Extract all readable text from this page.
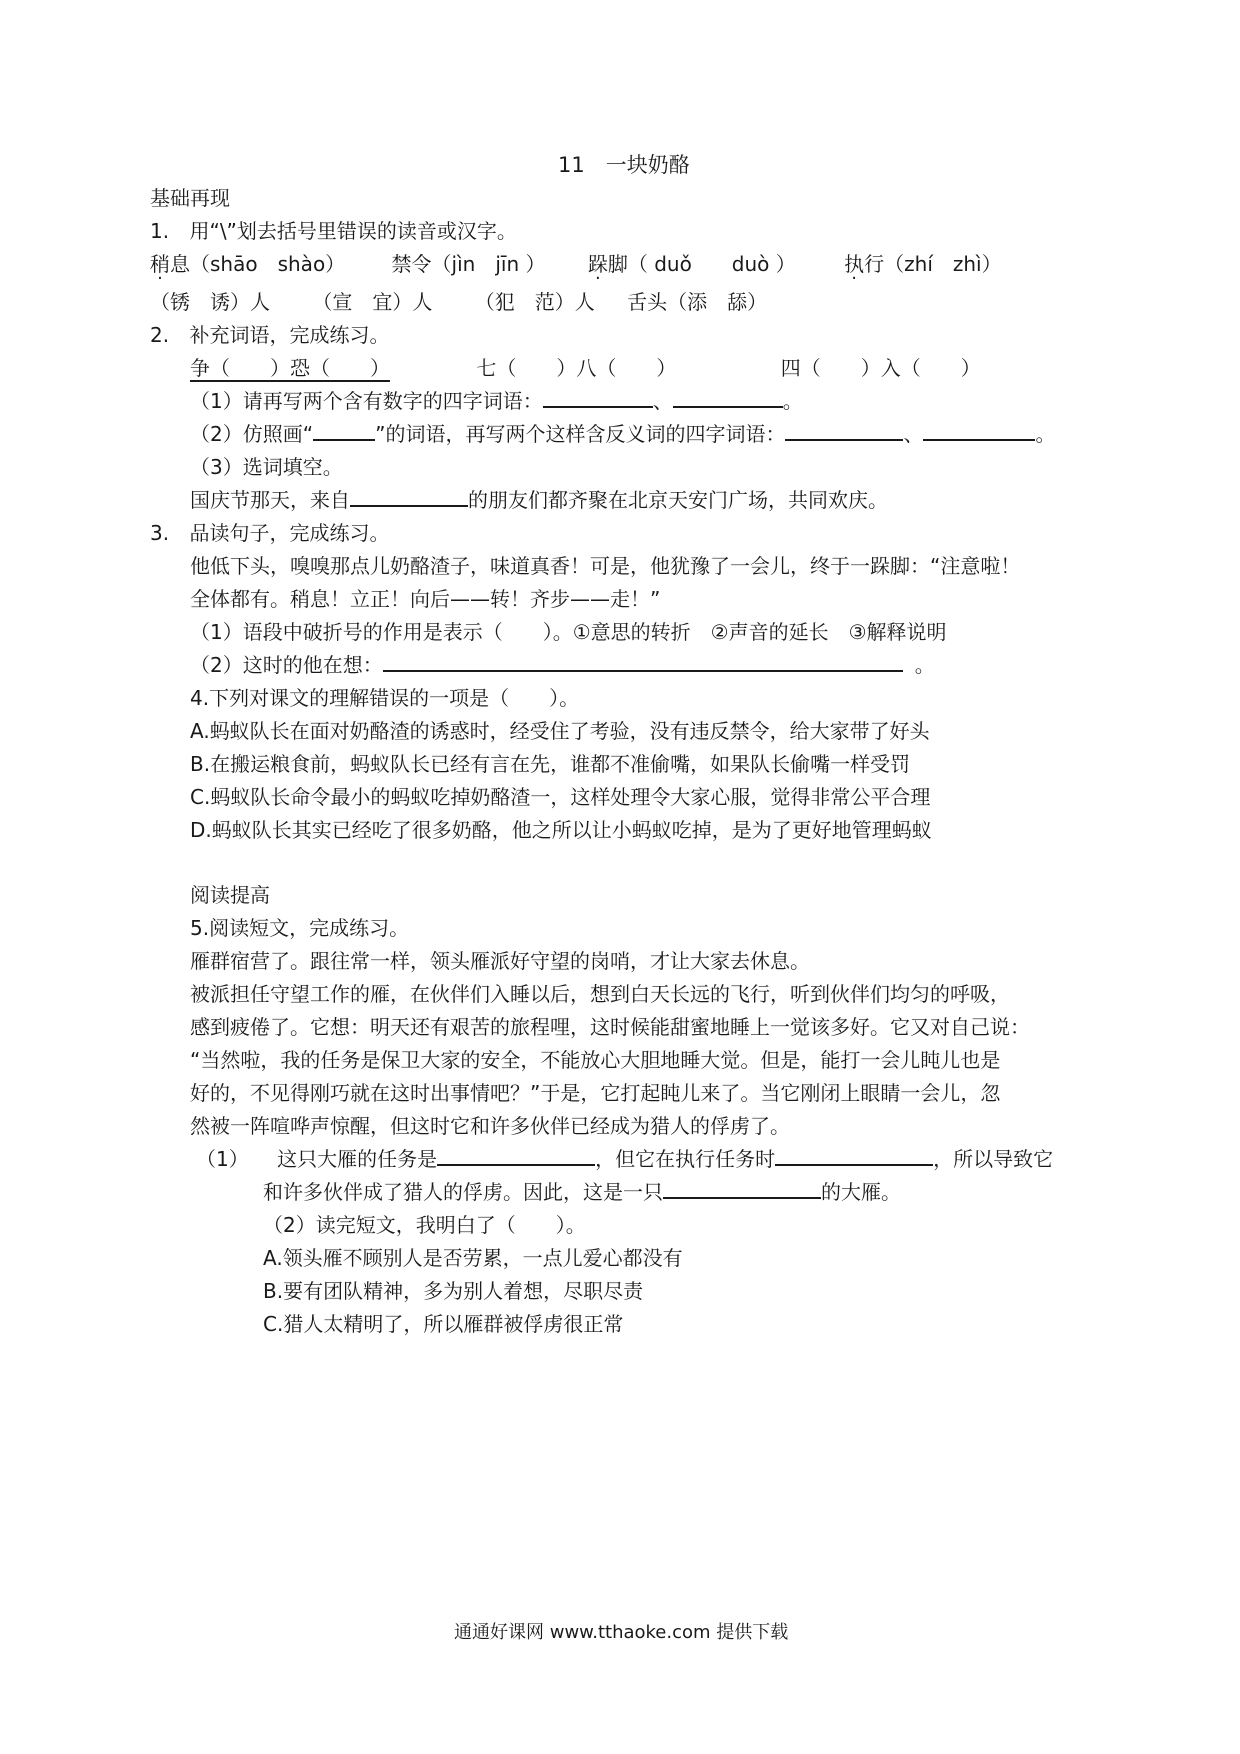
11　一块奶酪
基础再现
1. 用“\”划去括号里错误的读音或汉字。
稍息（shāo　shào） 禁令（jìn　jīn ） 跺脚（ duǒ　　duò ） 执行（zhí　zhì）
（锈　诱）人 （宣　宜）人 （犯　范）人 舌头（添　舔）
2. 补充词语，完成练习。
争（　　）恐（　　）	七（　　）八（　　）	四（　　）入（　　）
（1）请再写两个含有数字的四字词语：	、	。
（2）仿照画“	”的词语，再写两个这样含反义词的四字词语：	、	。
（3）选词填空。
国庆节那天，来自	的朋友们都齐聚在北京天安门广场，共同欢庆。
3. 品读句子，完成练习。
他低下头，嗅嗅那点儿奶酪渣子，味道真香！可是，他犹豫了一会儿，终于一跺脚：“注意啦！
全体都有。稍息！立正！向后——转！齐步——走！”
（1）语段中破折号的作用是表示（　　）。①意思的转折　②声音的延长　③解释说明
（2）这时的他在想：	。
4.下列对课文的理解错误的一项是（　　）。
A.蚂蚁队长在面对奶酪渣的诱惑时，经受住了考验，没有违反禁令，给大家带了好头
B.在搬运粮食前，蚂蚁队长已经有言在先，谁都不准偷嘴，如果队长偷嘴一样受罚
C.蚂蚁队长命令最小的蚂蚁吃掉奶酪渣一，这样处理令大家心服，觉得非常公平合理
D.蚂蚁队长其实已经吃了很多奶酪，他之所以让小蚂蚁吃掉，是为了更好地管理蚂蚁
阅读提高
5.阅读短文，完成练习。
雁群宿营了。跟往常一样，领头雁派好守望的岗哨，才让大家去休息。
被派担任守望工作的雁，在伙伴们入睡以后，想到白天长远的飞行，听到伙伴们均匀的呼吸，
感到疲倦了。它想：明天还有艰苦的旅程哩，这时候能甜蜜地睡上一觉该多好。它又对自己说：
“当然啦，我的任务是保卫大家的安全，不能放心大胆地睡大觉。但是，能打一会儿盹儿也是
好的，不见得刚巧就在这时出事情吧？”于是，它打起盹儿来了。当它刚闭上眼睛一会儿，忽
然被一阵喧哗声惊醒，但这时它和许多伙伴已经成为猎人的俘虏了。
（1） 这只大雁的任务是	，但它在执行任务时	，所以导致它
和许多伙伴成了猎人的俘虏。因此，这是一只	的大雁。
（2）读完短文，我明白了（　　）。
A.领头雁不顾别人是否劳累，一点儿爱心都没有
B.要有团队精神，多为别人着想，尽职尽责
C.猎人太精明了，所以雁群被俘虏很正常
通通好课网 www.tthaoke.com 提供下载
